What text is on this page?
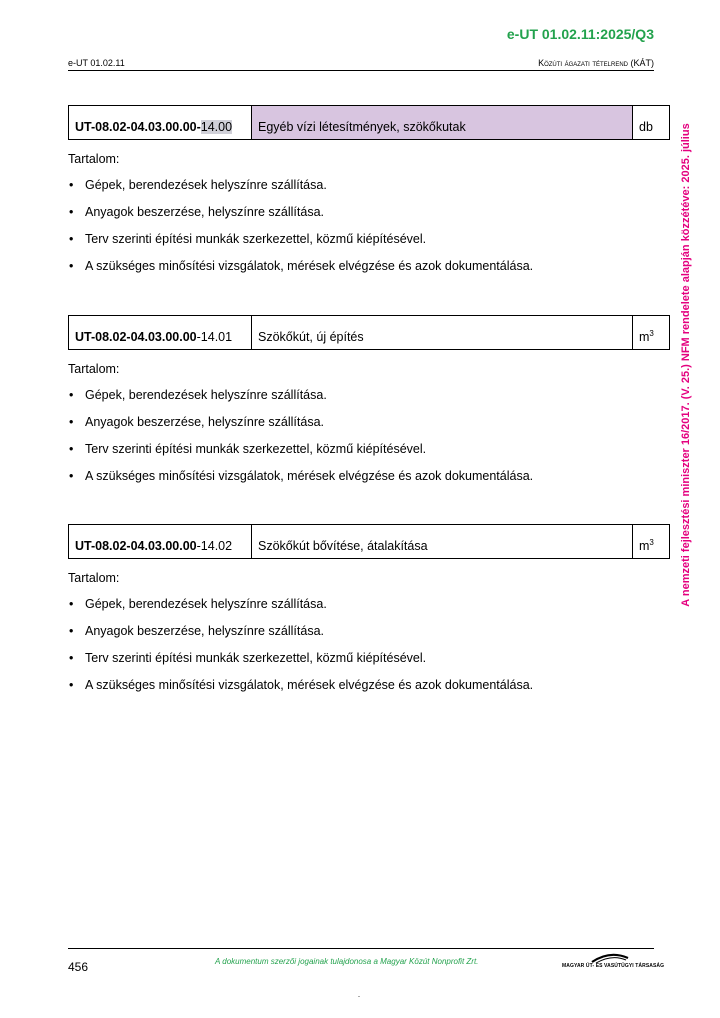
e-UT 01.02.11:2025/Q3
e-UT 01.02.11	Közúti ágazati tételrend (KÁT)
A nemzeti fejlesztési miniszter 16/2017. (V. 25.) NFM rendelete alapján közzétéve: 2025. július
UT-08.02-04.03.00.00-14.00	Egyéb vízi létesítmények, szökőkutak	db
Tartalom:
• Gépek, berendezések helyszínre szállítása.
• Anyagok beszerzése, helyszínre szállítása.
• Terv szerinti építési munkák szerkezettel, közmű kiépítésével.
• A szükséges minősítési vizsgálatok, mérések elvégzése és azok dokumentálása.
UT-08.02-04.03.00.00-14.01	Szökőkút, új építés	$m^3$
Tartalom:
• Gépek, berendezések helyszínre szállítása.
• Anyagok beszerzése, helyszínre szállítása.
• Terv szerinti építési munkák szerkezettel, közmű kiépítésével.
• A szükséges minősítési vizsgálatok, mérések elvégzése és azok dokumentálása.
UT-08.02-04.03.00.00-14.02	Szökőkút bővítése, átalakítása	$m^3$
Tartalom:
• Gépek, berendezések helyszínre szállítása.
• Anyagok beszerzése, helyszínre szállítása.
• Terv szerinti építési munkák szerkezettel, közmű kiépítésével.
• A szükséges minősítési vizsgálatok, mérések elvégzése és azok dokumentálása.
456	A dokumentum szerzői jogainak tulajdonosa a Magyar Közút Nonprofit Zrt.	MAGYAR ÚT- ÉS VASÚTÜGYI TÁRSASÁG
